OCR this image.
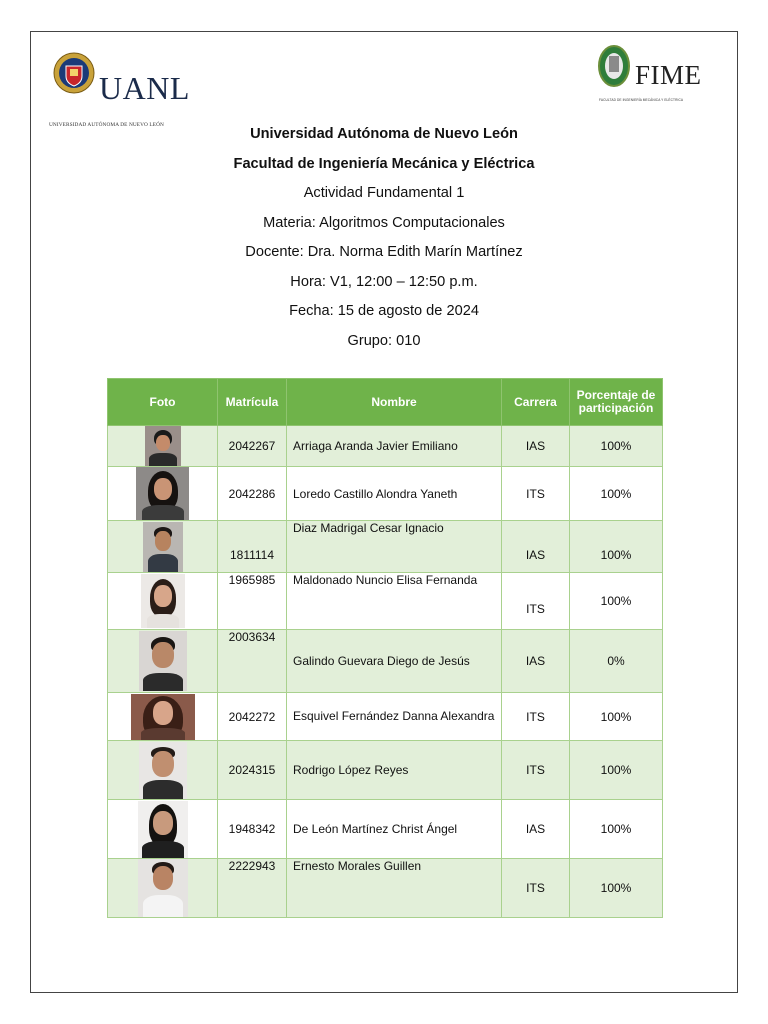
UANL
UNIVERSIDAD AUTÓNOMA DE NUEVO LEÓN
FIME
FACULTAD DE INGENIERÍA MECÁNICA Y ELÉCTRICA
Universidad Autónoma de Nuevo León
Facultad de Ingeniería Mecánica y Eléctrica
Actividad Fundamental 1
Materia: Algoritmos Computacionales
Docente: Dra. Norma Edith Marín Martínez
Hora: V1, 12:00 – 12:50 p.m.
Fecha: 15 de agosto de 2024
Grupo: 010
Foto	Matrícula	Nombre	Carrera	Porcentaje de participación

	2042267	Arriaga Aranda Javier Emiliano	IAS	100%

	2042286	Loredo Castillo Alondra Yaneth	ITS	100%

	1811114	Diaz Madrigal Cesar Ignacio	IAS	100%

	1965985	Maldonado Nuncio Elisa Fernanda	ITS	100%

	2003634	Galindo Guevara Diego de Jesús	IAS	0%

	2042272	Esquivel Fernández Danna Alexandra	ITS	100%

	2024315	Rodrigo López Reyes	ITS	100%

	1948342	De León Martínez Christ Ángel	IAS	100%

	2222943	Ernesto Morales Guillen	ITS	100%
